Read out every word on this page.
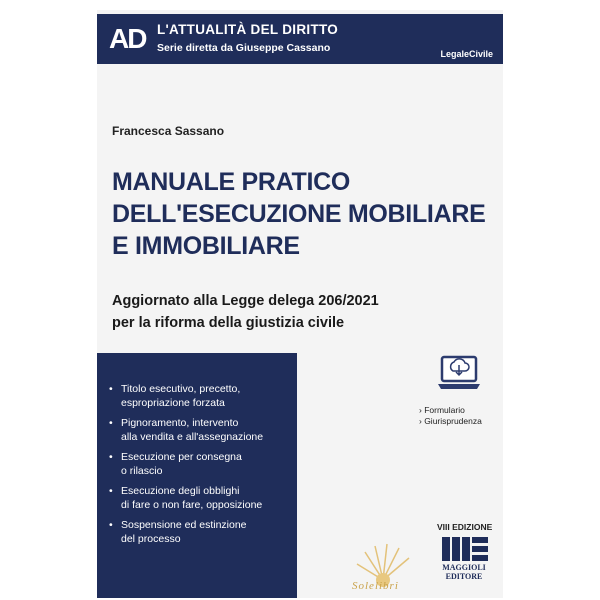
AD L'ATTUALITÀ DEL DIRITTO
Serie diretta da Giuseppe Cassano	LegaleCivile
Francesca Sassano
MANUALE PRATICO
DELL'ESECUZIONE MOBILIARE
E IMMOBILIARE
Aggiornato alla Legge delega 206/2021
per la riforma della giustizia civile
• Titolo esecutivo, precetto,
espropriazione forzata
• Pignoramento, intervento
alla vendita e all'assegnazione
• Esecuzione per consegna
o rilascio
• Esecuzione degli obblighi
di fare o non fare, opposizione
• Sospensione ed estinzione
del processo
› Formulario
› Giurisprudenza
VIII EDIZIONE
MAGGIOLI
EDITORE
Solelibri
